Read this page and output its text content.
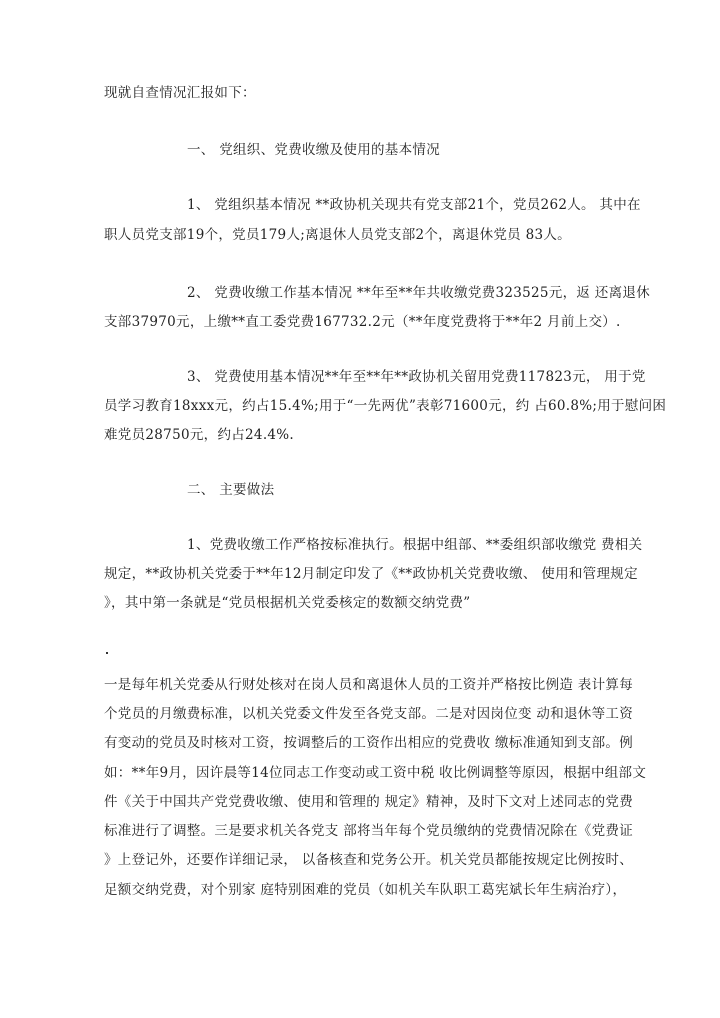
现就自查情况汇报如下：
一、 党组织、党费收缴及使用的基本情况
1、 党组织基本情况 **政协机关现共有党支部21个，党员262人。 其中在
职人员党支部19个，党员179人;离退休人员党支部2个，离退休党员 83人。
2、 党费收缴工作基本情况 **年至**年共收缴党费323525元，返 还离退休
支部37970元，上缴**直工委党费167732.2元（**年度党费将于**年2 月前上交）.
3、 党费使用基本情况**年至**年**政协机关留用党费117823元， 用于党
员学习教育18xxx元，约占15.4%;用于“一先两优”表彰71600元，约 占60.8%;用于慰问困
难党员28750元，约占24.4%.
二、 主要做法
1、党费收缴工作严格按标准执行。根据中组部、**委组织部收缴党 费相关
规定，**政协机关党委于**年12月制定印发了《**政协机关党费收缴、 使用和管理规定
》，其中第一条就是“党员根据机关党委核定的数额交纳党费”
一是每年机关党委从行财处核对在岗人员和离退休人员的工资并严格按比例造 表计算每
个党员的月缴费标准，以机关党委文件发至各党支部。二是对因岗位变 动和退休等工资
有变动的党员及时核对工资，按调整后的工资作出相应的党费收 缴标准通知到支部。例
如：**年9月，因许晨等14位同志工作变动或工资中税 收比例调整等原因，根据中组部文
件《关于中国共产党党费收缴、使用和管理的 规定》精神，及时下文对上述同志的党费
标准进行了调整。三是要求机关各党支 部将当年每个党员缴纳的党费情况除在《党费证
》上登记外，还要作详细记录， 以备核查和党务公开。机关党员都能按规定比例按时、
足额交纳党费，对个别家 庭特别困难的党员（如机关车队职工葛宪斌长年生病治疗），
